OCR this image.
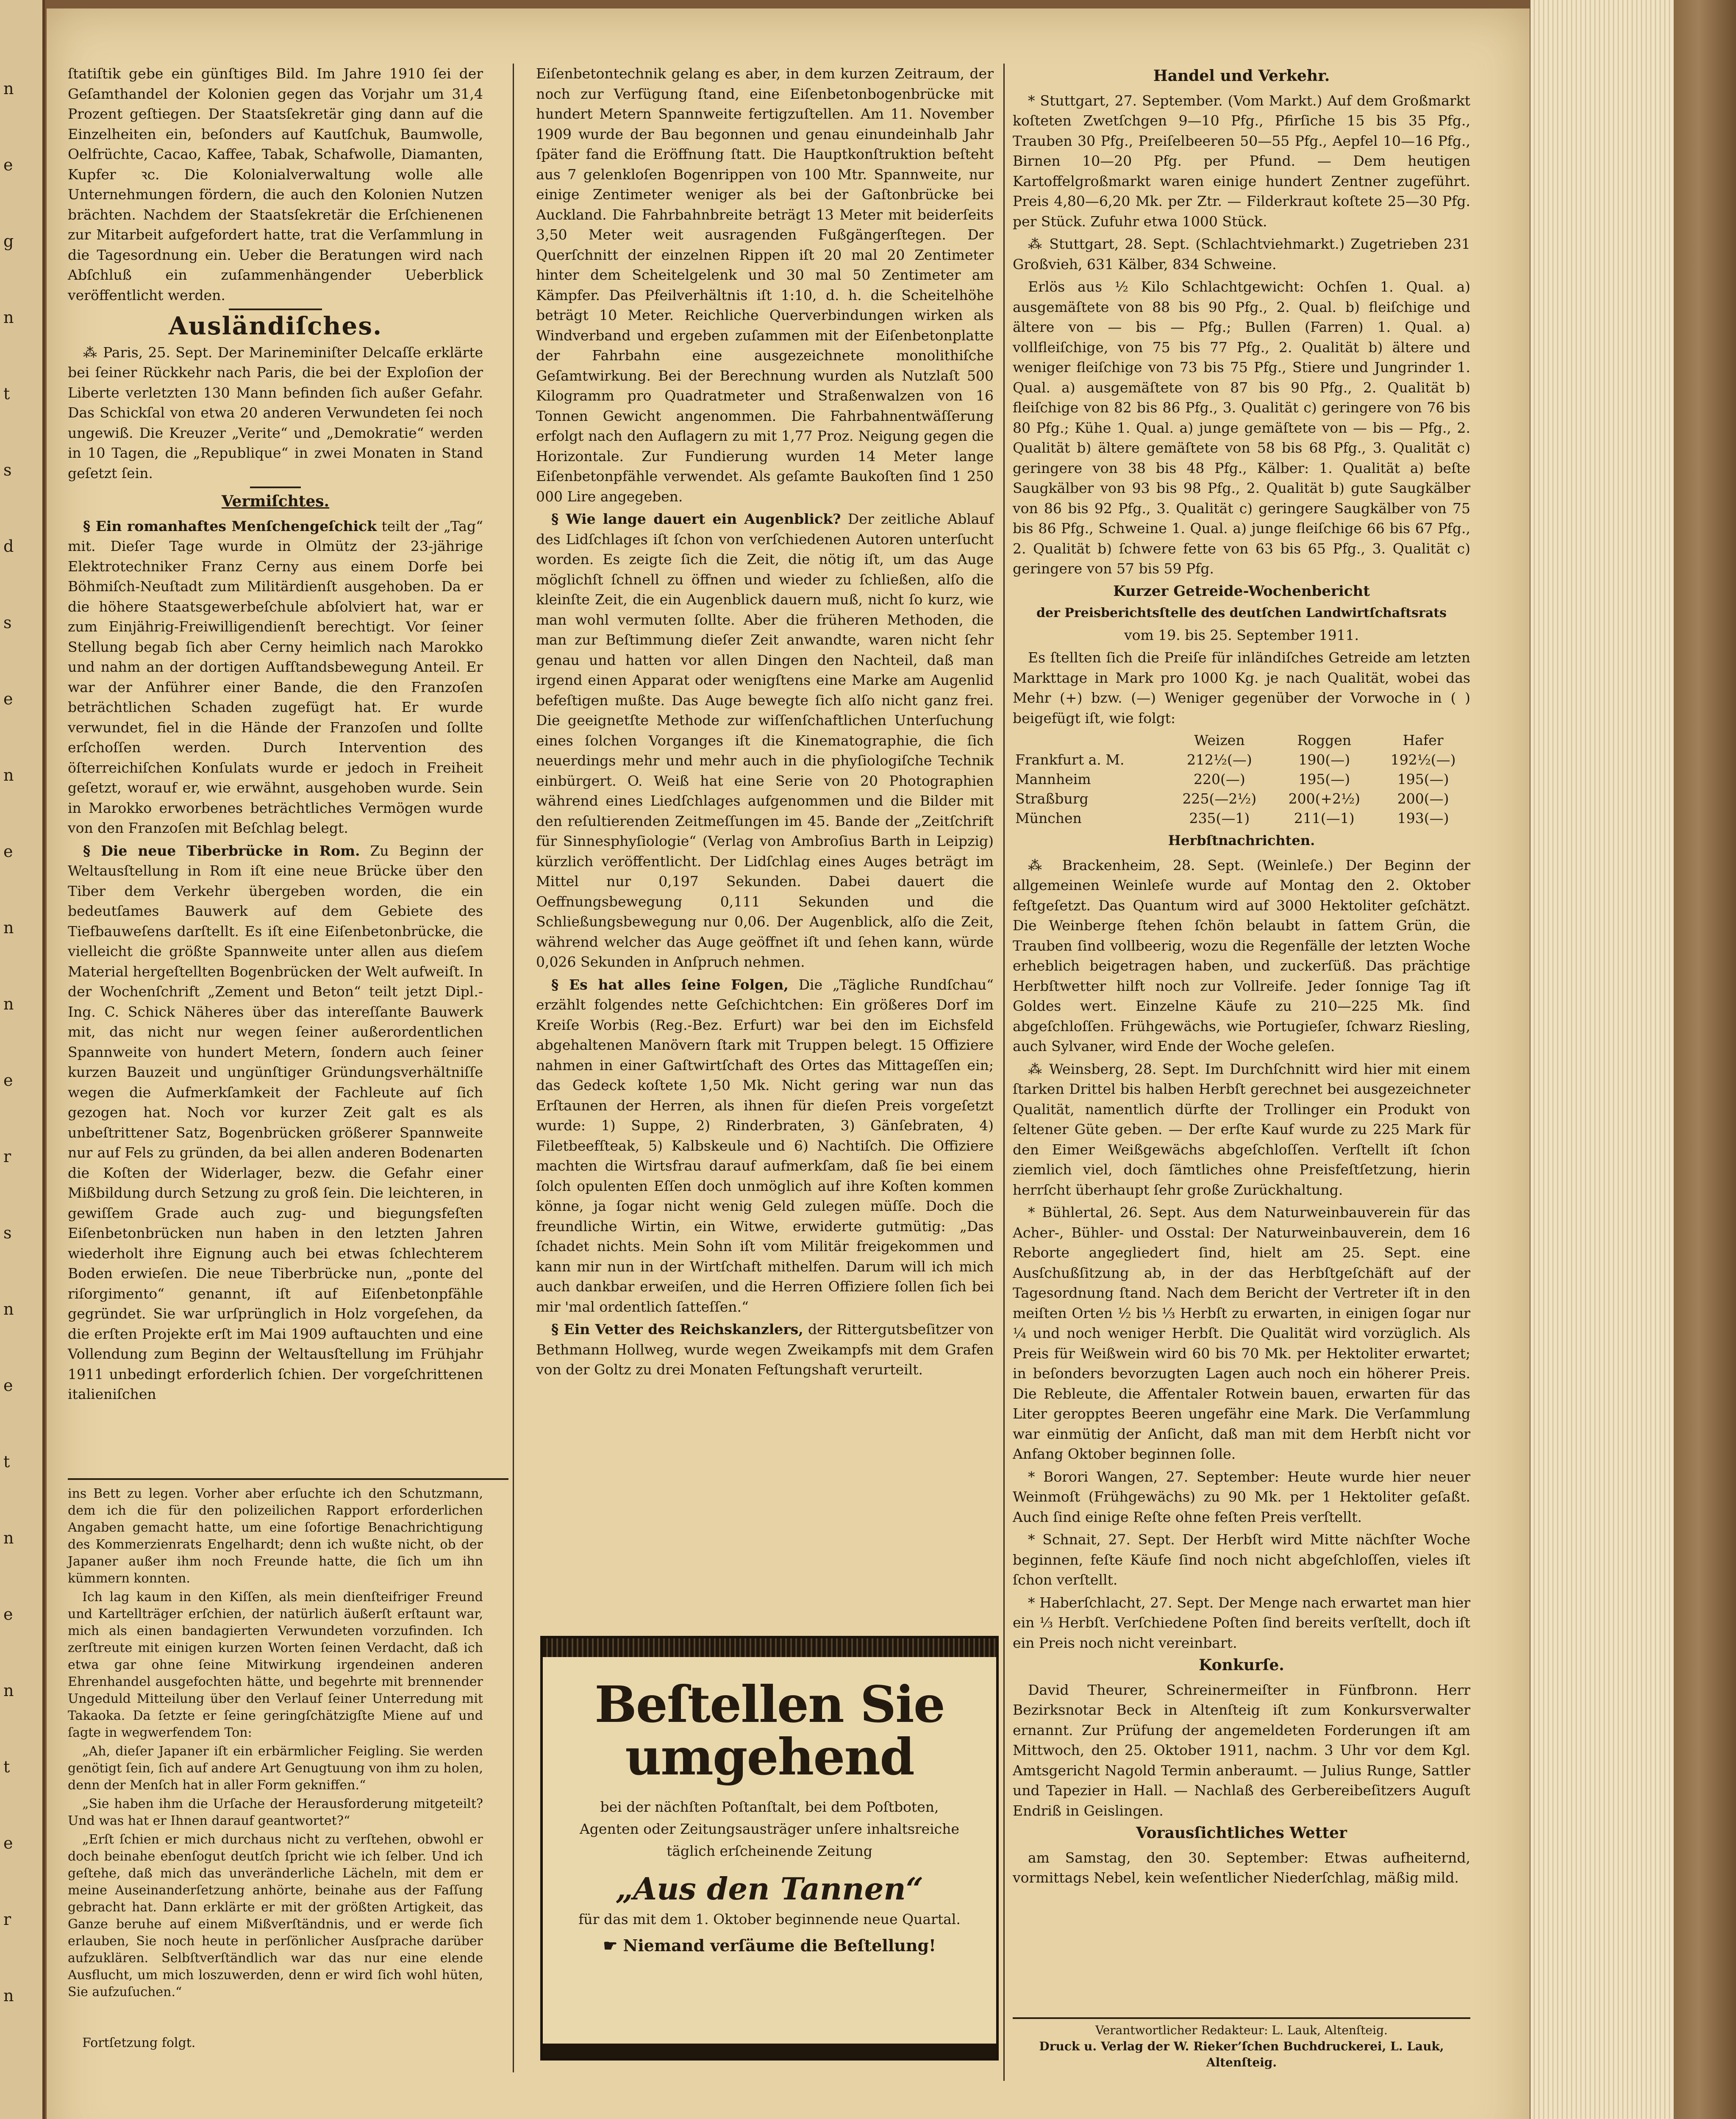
n
e
g
n
t
s
d
s
e
n
e
n
n
e
r
s
n
e
t
n
e
n
t
e
r
n

ſtatiſtik gebe ein günſtiges Bild. Im Jahre 1910 ſei der Geſamthandel der Kolonien gegen das Vorjahr um 31,4 Prozent geſtiegen. Der Staatsſekretär ging dann auf die Einzelheiten ein, beſonders auf Kautſchuk, Baumwolle, Oelfrüchte, Cacao, Kaffee, Tabak, Schafwolle, Diamanten, Kupfer ꝛc. Die Kolonialverwaltung wolle alle Unternehmungen fördern, die auch den Kolonien Nutzen brächten. Nachdem der Staatsſekretär die Erſchienenen zur Mitarbeit aufgefordert hatte, trat die Verſammlung in die Tagesordnung ein. Ueber die Beratungen wird nach Abſchluß ein zuſammenhängender Ueberblick veröffentlicht werden.

Ausländiſches.

⁂ Paris, 25. Sept. Der Marineminiſter Delcaſſe erklärte bei ſeiner Rückkehr nach Paris, die bei der Exploſion der Liberte verletzten 130 Mann befinden ſich außer Gefahr. Das Schickſal von etwa 20 anderen Verwundeten ſei noch ungewiß. Die Kreuzer „Verite“ und „Demokratie“ werden in 10 Tagen, die „Republique“ in zwei Monaten in Stand geſetzt ſein.

Vermiſchtes.

§ Ein romanhaftes Menſchengeſchick teilt der „Tag“ mit. Dieſer Tage wurde in Olmütz der 23-jährige Elektrotechniker Franz Cerny aus einem Dorfe bei Böhmiſch-Neuſtadt zum Militärdienſt ausgehoben. Da er die höhere Staatsgewerbeſchule abſolviert hat, war er zum Einjährig-Freiwilligendienſt berechtigt. Vor ſeiner Stellung begab ſich aber Cerny heimlich nach Marokko und nahm an der dortigen Aufſtandsbewegung Anteil. Er war der Anführer einer Bande, die den Franzoſen beträchtlichen Schaden zugefügt hat. Er wurde verwundet, fiel in die Hände der Franzoſen und ſollte erſchoſſen werden. Durch Intervention des öſterreichiſchen Konſulats wurde er jedoch in Freiheit geſetzt, worauf er, wie erwähnt, ausgehoben wurde. Sein in Marokko erworbenes beträchtliches Vermögen wurde von den Franzoſen mit Beſchlag belegt.

§ Die neue Tiberbrücke in Rom. Zu Beginn der Weltausſtellung in Rom iſt eine neue Brücke über den Tiber dem Verkehr übergeben worden, die ein bedeutſames Bauwerk auf dem Gebiete des Tiefbauweſens darſtellt. Es iſt eine Eiſenbetonbrücke, die vielleicht die größte Spannweite unter allen aus dieſem Material hergeſtellten Bogenbrücken der Welt aufweiſt. In der Wochenſchrift „Zement und Beton“ teilt jetzt Dipl.-Ing. C. Schick Näheres über das intereſſante Bauwerk mit, das nicht nur wegen ſeiner außerordentlichen Spannweite von hundert Metern, ſondern auch ſeiner kurzen Bauzeit und ungünſtiger Gründungsverhältniſſe wegen die Aufmerkſamkeit der Fachleute auf ſich gezogen hat. Noch vor kurzer Zeit galt es als unbeſtrittener Satz, Bogenbrücken größerer Spannweite nur auf Fels zu gründen, da bei allen anderen Bodenarten die Koſten der Widerlager, bezw. die Gefahr einer Mißbildung durch Setzung zu groß ſein. Die leichteren, in gewiſſem Grade auch zug- und biegungsfeſten Eiſenbetonbrücken nun haben in den letzten Jahren wiederholt ihre Eignung auch bei etwas ſchlechterem Boden erwieſen. Die neue Tiberbrücke nun, „ponte del riſorgimento“ genannt, iſt auf Eiſenbetonpfähle gegründet. Sie war urſprünglich in Holz vorgeſehen, da die erſten Projekte erſt im Mai 1909 auftauchten und eine Vollendung zum Beginn der Weltausſtellung im Frühjahr 1911 unbedingt erforderlich ſchien. Der vorgeſchrittenen italieniſchen

ins Bett zu legen. Vorher aber erſuchte ich den Schutzmann, dem ich die für den polizeilichen Rapport erforderlichen Angaben gemacht hatte, um eine ſofortige Benachrichtigung des Kommerzienrats Engelhardt; denn ich wußte nicht, ob der Japaner außer ihm noch Freunde hatte, die ſich um ihn kümmern konnten.

Ich lag kaum in den Kiſſen, als mein dienſteifriger Freund und Kartellträger erſchien, der natürlich äußerſt erſtaunt war, mich als einen bandagierten Verwundeten vorzufinden. Ich zerſtreute mit einigen kurzen Worten ſeinen Verdacht, daß ich etwa gar ohne ſeine Mitwirkung irgendeinen anderen Ehrenhandel ausgefochten hätte, und begehrte mit brennender Ungeduld Mitteilung über den Verlauf ſeiner Unterredung mit Takaoka. Da ſetzte er ſeine geringſchätzigſte Miene auf und ſagte in wegwerfendem Ton:

„Ah, dieſer Japaner iſt ein erbärmlicher Feigling. Sie werden genötigt ſein, ſich auf andere Art Genugtuung von ihm zu holen, denn der Menſch hat in aller Form gekniffen.“

„Sie haben ihm die Urſache der Herausforderung mitgeteilt? Und was hat er Ihnen darauf geantwortet?“

„Erſt ſchien er mich durchaus nicht zu verſtehen, obwohl er doch beinahe ebenſogut deutſch ſpricht wie ich ſelber. Und ich geſtehe, daß mich das unveränderliche Lächeln, mit dem er meine Auseinanderſetzung anhörte, beinahe aus der Faſſung gebracht hat. Dann erklärte er mit der größten Artigkeit, das Ganze beruhe auf einem Mißverſtändnis, und er werde ſich erlauben, Sie noch heute in perſönlicher Ausſprache darüber aufzuklären. Selbſtverſtändlich war das nur eine elende Ausflucht, um mich loszuwerden, denn er wird ſich wohl hüten, Sie aufzuſuchen.“

Fortſetzung folgt.

Eiſenbetontechnik gelang es aber, in dem kurzen Zeitraum, der noch zur Verfügung ſtand, eine Eiſenbetonbogenbrücke mit hundert Metern Spannweite fertigzuſtellen. Am 11. November 1909 wurde der Bau begonnen und genau einundeinhalb Jahr ſpäter fand die Eröffnung ſtatt. Die Hauptkonſtruktion beſteht aus 7 gelenkloſen Bogenrippen von 100 Mtr. Spannweite, nur einige Zentimeter weniger als bei der Gaſtonbrücke bei Auckland. Die Fahrbahnbreite beträgt 13 Meter mit beiderſeits 3,50 Meter weit ausragenden Fußgängerſtegen. Der Querſchnitt der einzelnen Rippen iſt 20 mal 20 Zentimeter hinter dem Scheitelgelenk und 30 mal 50 Zentimeter am Kämpfer. Das Pfeilverhältnis iſt 1:10, d. h. die Scheitelhöhe beträgt 10 Meter. Reichliche Querverbindungen wirken als Windverband und ergeben zuſammen mit der Eiſenbetonplatte der Fahrbahn eine ausgezeichnete monolithiſche Geſamtwirkung. Bei der Berechnung wurden als Nutzlaſt 500 Kilogramm pro Quadratmeter und Straßenwalzen von 16 Tonnen Gewicht angenommen. Die Fahrbahnentwäſſerung erfolgt nach den Auflagern zu mit 1,77 Proz. Neigung gegen die Horizontale. Zur Fundierung wurden 14 Meter lange Eiſenbetonpfähle verwendet. Als geſamte Baukoſten ſind 1 250 000 Lire angegeben.

§ Wie lange dauert ein Augenblick? Der zeitliche Ablauf des Lidſchlages iſt ſchon von verſchiedenen Autoren unterſucht worden. Es zeigte ſich die Zeit, die nötig iſt, um das Auge möglichſt ſchnell zu öffnen und wieder zu ſchließen, alſo die kleinſte Zeit, die ein Augenblick dauern muß, nicht ſo kurz, wie man wohl vermuten ſollte. Aber die früheren Methoden, die man zur Beſtimmung dieſer Zeit anwandte, waren nicht ſehr genau und hatten vor allen Dingen den Nachteil, daß man irgend einen Apparat oder wenigſtens eine Marke am Augenlid befeſtigen mußte. Das Auge bewegte ſich alſo nicht ganz frei. Die geeignetſte Methode zur wiſſenſchaftlichen Unterſuchung eines ſolchen Vorganges iſt die Kinematographie, die ſich neuerdings mehr und mehr auch in die phyſiologiſche Technik einbürgert. O. Weiß hat eine Serie von 20 Photographien während eines Liedſchlages aufgenommen und die Bilder mit den reſultierenden Zeitmeſſungen im 45. Bande der „Zeitſchrift für Sinnesphyſiologie“ (Verlag von Ambroſius Barth in Leipzig) kürzlich veröffentlicht. Der Lidſchlag eines Auges beträgt im Mittel nur 0,197 Sekunden. Dabei dauert die Oeffnungsbewegung 0,111 Sekunden und die Schließungsbewegung nur 0,06. Der Augenblick, alſo die Zeit, während welcher das Auge geöffnet iſt und ſehen kann, würde 0,026 Sekunden in Anſpruch nehmen.

§ Es hat alles ſeine Folgen, Die „Tägliche Rundſchau“ erzählt folgendes nette Geſchichtchen: Ein größeres Dorf im Kreiſe Worbis (Reg.-Bez. Erfurt) war bei den im Eichsfeld abgehaltenen Manövern ſtark mit Truppen belegt. 15 Offiziere nahmen in einer Gaſtwirtſchaft des Ortes das Mittageſſen ein; das Gedeck koſtete 1,50 Mk. Nicht gering war nun das Erſtaunen der Herren, als ihnen für dieſen Preis vorgeſetzt wurde: 1) Suppe, 2) Rinderbraten, 3) Gänſebraten, 4) Filetbeefſteak, 5) Kalbskeule und 6) Nachtiſch. Die Offiziere machten die Wirtsfrau darauf aufmerkſam, daß ſie bei einem ſolch opulenten Eſſen doch unmöglich auf ihre Koſten kommen könne, ja ſogar nicht wenig Geld zulegen müſſe. Doch die freundliche Wirtin, ein Witwe, erwiderte gutmütig: „Das ſchadet nichts. Mein Sohn iſt vom Militär freigekommen und kann mir nun in der Wirtſchaft mithelfen. Darum will ich mich auch dankbar erweiſen, und die Herren Offiziere ſollen ſich bei mir 'mal ordentlich ſatteſſen.“

§ Ein Vetter des Reichskanzlers, der Rittergutsbeſitzer von Bethmann Hollweg, wurde wegen Zweikampfs mit dem Grafen von der Goltz zu drei Monaten Feſtungshaft verurteilt.

Beſtellen Sie umgehend
bei der nächſten Poſtanſtalt, bei dem Poſtboten, Agenten oder Zeitungsausträger unſere inhaltsreiche täglich erſcheinende Zeitung
„Aus den Tannen“
für das mit dem 1. Oktober beginnende neue Quartal.
☛ Niemand verſäume die Beſtellung!
Handel und Verkehr.

* Stuttgart, 27. September. (Vom Markt.) Auf dem Großmarkt koſteten Zwetſchgen 9—10 Pfg., Pfirſiche 15 bis 35 Pfg., Trauben 30 Pfg., Preiſelbeeren 50—55 Pfg., Aepfel 10—16 Pfg., Birnen 10—20 Pfg. per Pfund. — Dem heutigen Kartoffelgroßmarkt waren einige hundert Zentner zugeführt. Preis 4,80—6,20 Mk. per Ztr. — Filderkraut koſtete 25—30 Pfg. per Stück. Zufuhr etwa 1000 Stück.

⁂ Stuttgart, 28. Sept. (Schlachtviehmarkt.) Zugetrieben 231 Großvieh, 631 Kälber, 834 Schweine.

Erlös aus ½ Kilo Schlachtgewicht: Ochſen 1. Qual. a) ausgemäſtete von 88 bis 90 Pfg., 2. Qual. b) fleiſchige und ältere von — bis — Pfg.; Bullen (Farren) 1. Qual. a) vollfleiſchige, von 75 bis 77 Pfg., 2. Qualität b) ältere und weniger fleiſchige von 73 bis 75 Pfg., Stiere und Jungrinder 1. Qual. a) ausgemäſtete von 87 bis 90 Pfg., 2. Qualität b) fleiſchige von 82 bis 86 Pfg., 3. Qualität c) geringere von 76 bis 80 Pfg.; Kühe 1. Qual. a) junge gemäſtete von — bis — Pfg., 2. Qualität b) ältere gemäſtete von 58 bis 68 Pfg., 3. Qualität c) geringere von 38 bis 48 Pfg., Kälber: 1. Qualität a) beſte Saugkälber von 93 bis 98 Pfg., 2. Qualität b) gute Saugkälber von 86 bis 92 Pfg., 3. Qualität c) geringere Saugkälber von 75 bis 86 Pfg., Schweine 1. Qual. a) junge fleiſchige 66 bis 67 Pfg., 2. Qualität b) ſchwere fette von 63 bis 65 Pfg., 3. Qualität c) geringere von 57 bis 59 Pfg.

Kurzer Getreide-Wochenbericht
der Preisberichtsſtelle des deutſchen Landwirtſchaftsrats

vom 19. bis 25. September 1911.

Es ſtellten ſich die Preiſe für inländiſches Getreide am letzten Markttage in Mark pro 1000 Kg. je nach Qualität, wobei das Mehr (+) bzw. (—) Weniger gegenüber der Vorwoche in ( ) beigefügt iſt, wie folgt:

	Weizen	Roggen	Hafer
Frankfurt a. M.	212½(—)	190(—)	192½(—)
Mannheim	220(—)	195(—)	195(—)
Straßburg	225(—2½)	200(+2½)	200(—)
München	235(—1)	211(—1)	193(—)
Herbſtnachrichten.

⁂ Brackenheim, 28. Sept. (Weinleſe.) Der Beginn der allgemeinen Weinleſe wurde auf Montag den 2. Oktober feſtgeſetzt. Das Quantum wird auf 3000 Hektoliter geſchätzt. Die Weinberge ſtehen ſchön belaubt in ſattem Grün, die Trauben ſind vollbeerig, wozu die Regenfälle der letzten Woche erheblich beigetragen haben, und zuckerſüß. Das prächtige Herbſtwetter hilft noch zur Vollreife. Jeder ſonnige Tag iſt Goldes wert. Einzelne Käufe zu 210—225 Mk. ſind abgeſchloſſen. Frühgewächs, wie Portugieſer, ſchwarz Riesling, auch Sylvaner, wird Ende der Woche geleſen.

⁂ Weinsberg, 28. Sept. Im Durchſchnitt wird hier mit einem ſtarken Drittel bis halben Herbſt gerechnet bei ausgezeichneter Qualität, namentlich dürfte der Trollinger ein Produkt von ſeltener Güte geben. — Der erſte Kauf wurde zu 225 Mark für den Eimer Weißgewächs abgeſchloſſen. Verſtellt iſt ſchon ziemlich viel, doch ſämtliches ohne Preisfeſtſetzung, hierin herrſcht überhaupt ſehr große Zurückhaltung.

* Bühlertal, 26. Sept. Aus dem Naturweinbauverein für das Acher-, Bühler- und Osstal: Der Naturweinbauverein, dem 16 Reborte angegliedert ſind, hielt am 25. Sept. eine Ausſchußſitzung ab, in der das Herbſtgeſchäft auf der Tagesordnung ſtand. Nach dem Bericht der Vertreter iſt in den meiſten Orten ½ bis ⅓ Herbſt zu erwarten, in einigen ſogar nur ¼ und noch weniger Herbſt. Die Qualität wird vorzüglich. Als Preis für Weißwein wird 60 bis 70 Mk. per Hektoliter erwartet; in beſonders bevorzugten Lagen auch noch ein höherer Preis. Die Rebleute, die Affentaler Rotwein bauen, erwarten für das Liter geropptes Beeren ungefähr eine Mark. Die Verſammlung war einmütig der Anſicht, daß man mit dem Herbſt nicht vor Anfang Oktober beginnen ſolle.

* Borori Wangen, 27. September: Heute wurde hier neuer Weinmoſt (Frühgewächs) zu 90 Mk. per 1 Hektoliter geſaßt. Auch ſind einige Reſte ohne feſten Preis verſtellt.

* Schnait, 27. Sept. Der Herbſt wird Mitte nächſter Woche beginnen, feſte Käufe ſind noch nicht abgeſchloſſen, vieles iſt ſchon verſtellt.

* Haberſchlacht, 27. Sept. Der Menge nach erwartet man hier ein ⅓ Herbſt. Verſchiedene Poſten ſind bereits verſtellt, doch iſt ein Preis noch nicht vereinbart.

Konkurſe.

David Theurer, Schreinermeiſter in Fünfbronn. Herr Bezirksnotar Beck in Altenſteig iſt zum Konkursverwalter ernannt. Zur Prüfung der angemeldeten Forderungen iſt am Mittwoch, den 25. Oktober 1911, nachm. 3 Uhr vor dem Kgl. Amtsgericht Nagold Termin anberaumt. — Julius Runge, Sattler und Tapezier in Hall. — Nachlaß des Gerbereibeſitzers Auguſt Endriß in Geislingen.

Vorausſichtliches Wetter

am Samstag, den 30. September: Etwas aufheiternd, vormittags Nebel, kein weſentlicher Niederſchlag, mäßig mild.

Verantwortlicher Redakteur: L. Lauk, Altenſteig.
Druck u. Verlag der W. Rieker’ſchen Buchdruckerei, L. Lauk, Altenſteig.
